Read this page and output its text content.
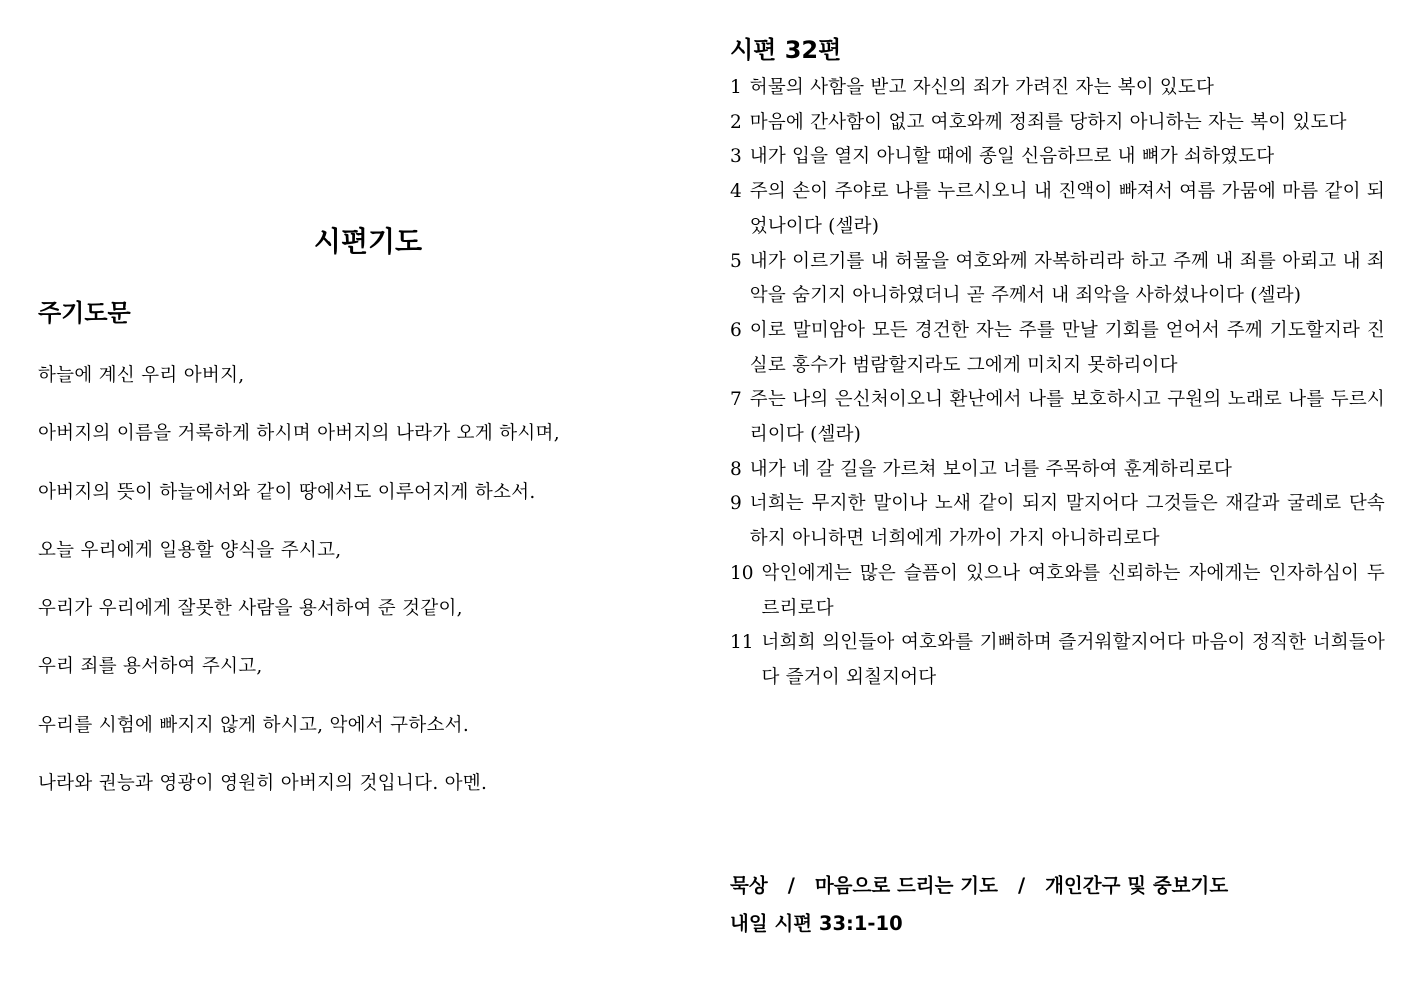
시편기도
주기도문
하늘에 계신 우리 아버지,
아버지의 이름을 거룩하게 하시며 아버지의 나라가 오게 하시며,
아버지의 뜻이 하늘에서와 같이 땅에서도 이루어지게 하소서.
오늘 우리에게 일용할 양식을 주시고,
우리가 우리에게 잘못한 사람을 용서하여 준 것같이,
우리 죄를 용서하여 주시고,
우리를 시험에 빠지지 않게 하시고, 악에서 구하소서.
나라와 권능과 영광이 영원히 아버지의 것입니다. 아멘.
시편 32편
1 허물의 사함을 받고 자신의 죄가 가려진 자는 복이 있도다
2 마음에 간사함이 없고 여호와께 정죄를 당하지 아니하는 자는 복이 있도다
3 내가 입을 열지 아니할 때에 종일 신음하므로 내 뼈가 쇠하였도다
4 주의 손이 주야로 나를 누르시오니 내 진액이 빠져서 여름 가뭄에 마름 같이 되었나이다 (셀라)
5 내가 이르기를 내 허물을 여호와께 자복하리라 하고 주께 내 죄를 아뢰고 내 죄악을 숨기지 아니하였더니 곧 주께서 내 죄악을 사하셨나이다 (셀라)
6 이로 말미암아 모든 경건한 자는 주를 만날 기회를 얻어서 주께 기도할지라 진실로 홍수가 범람할지라도 그에게 미치지 못하리이다
7 주는 나의 은신처이오니 환난에서 나를 보호하시고 구원의 노래로 나를 두르시리이다 (셀라)
8 내가 네 갈 길을 가르쳐 보이고 너를 주목하여 훈계하리로다
9 너희는 무지한 말이나 노새 같이 되지 말지어다 그것들은 재갈과 굴레로 단속하지 아니하면 너희에게 가까이 가지 아니하리로다
10 악인에게는 많은 슬픔이 있으나 여호와를 신뢰하는 자에게는 인자하심이 두르리로다
11 너희희 의인들아 여호와를 기뻐하며 즐거워할지어다 마음이 정직한 너희들아 다 즐거이 외칠지어다
묵상 / 마음으로 드리는 기도 / 개인간구 및 중보기도
내일 시편 33:1-10
